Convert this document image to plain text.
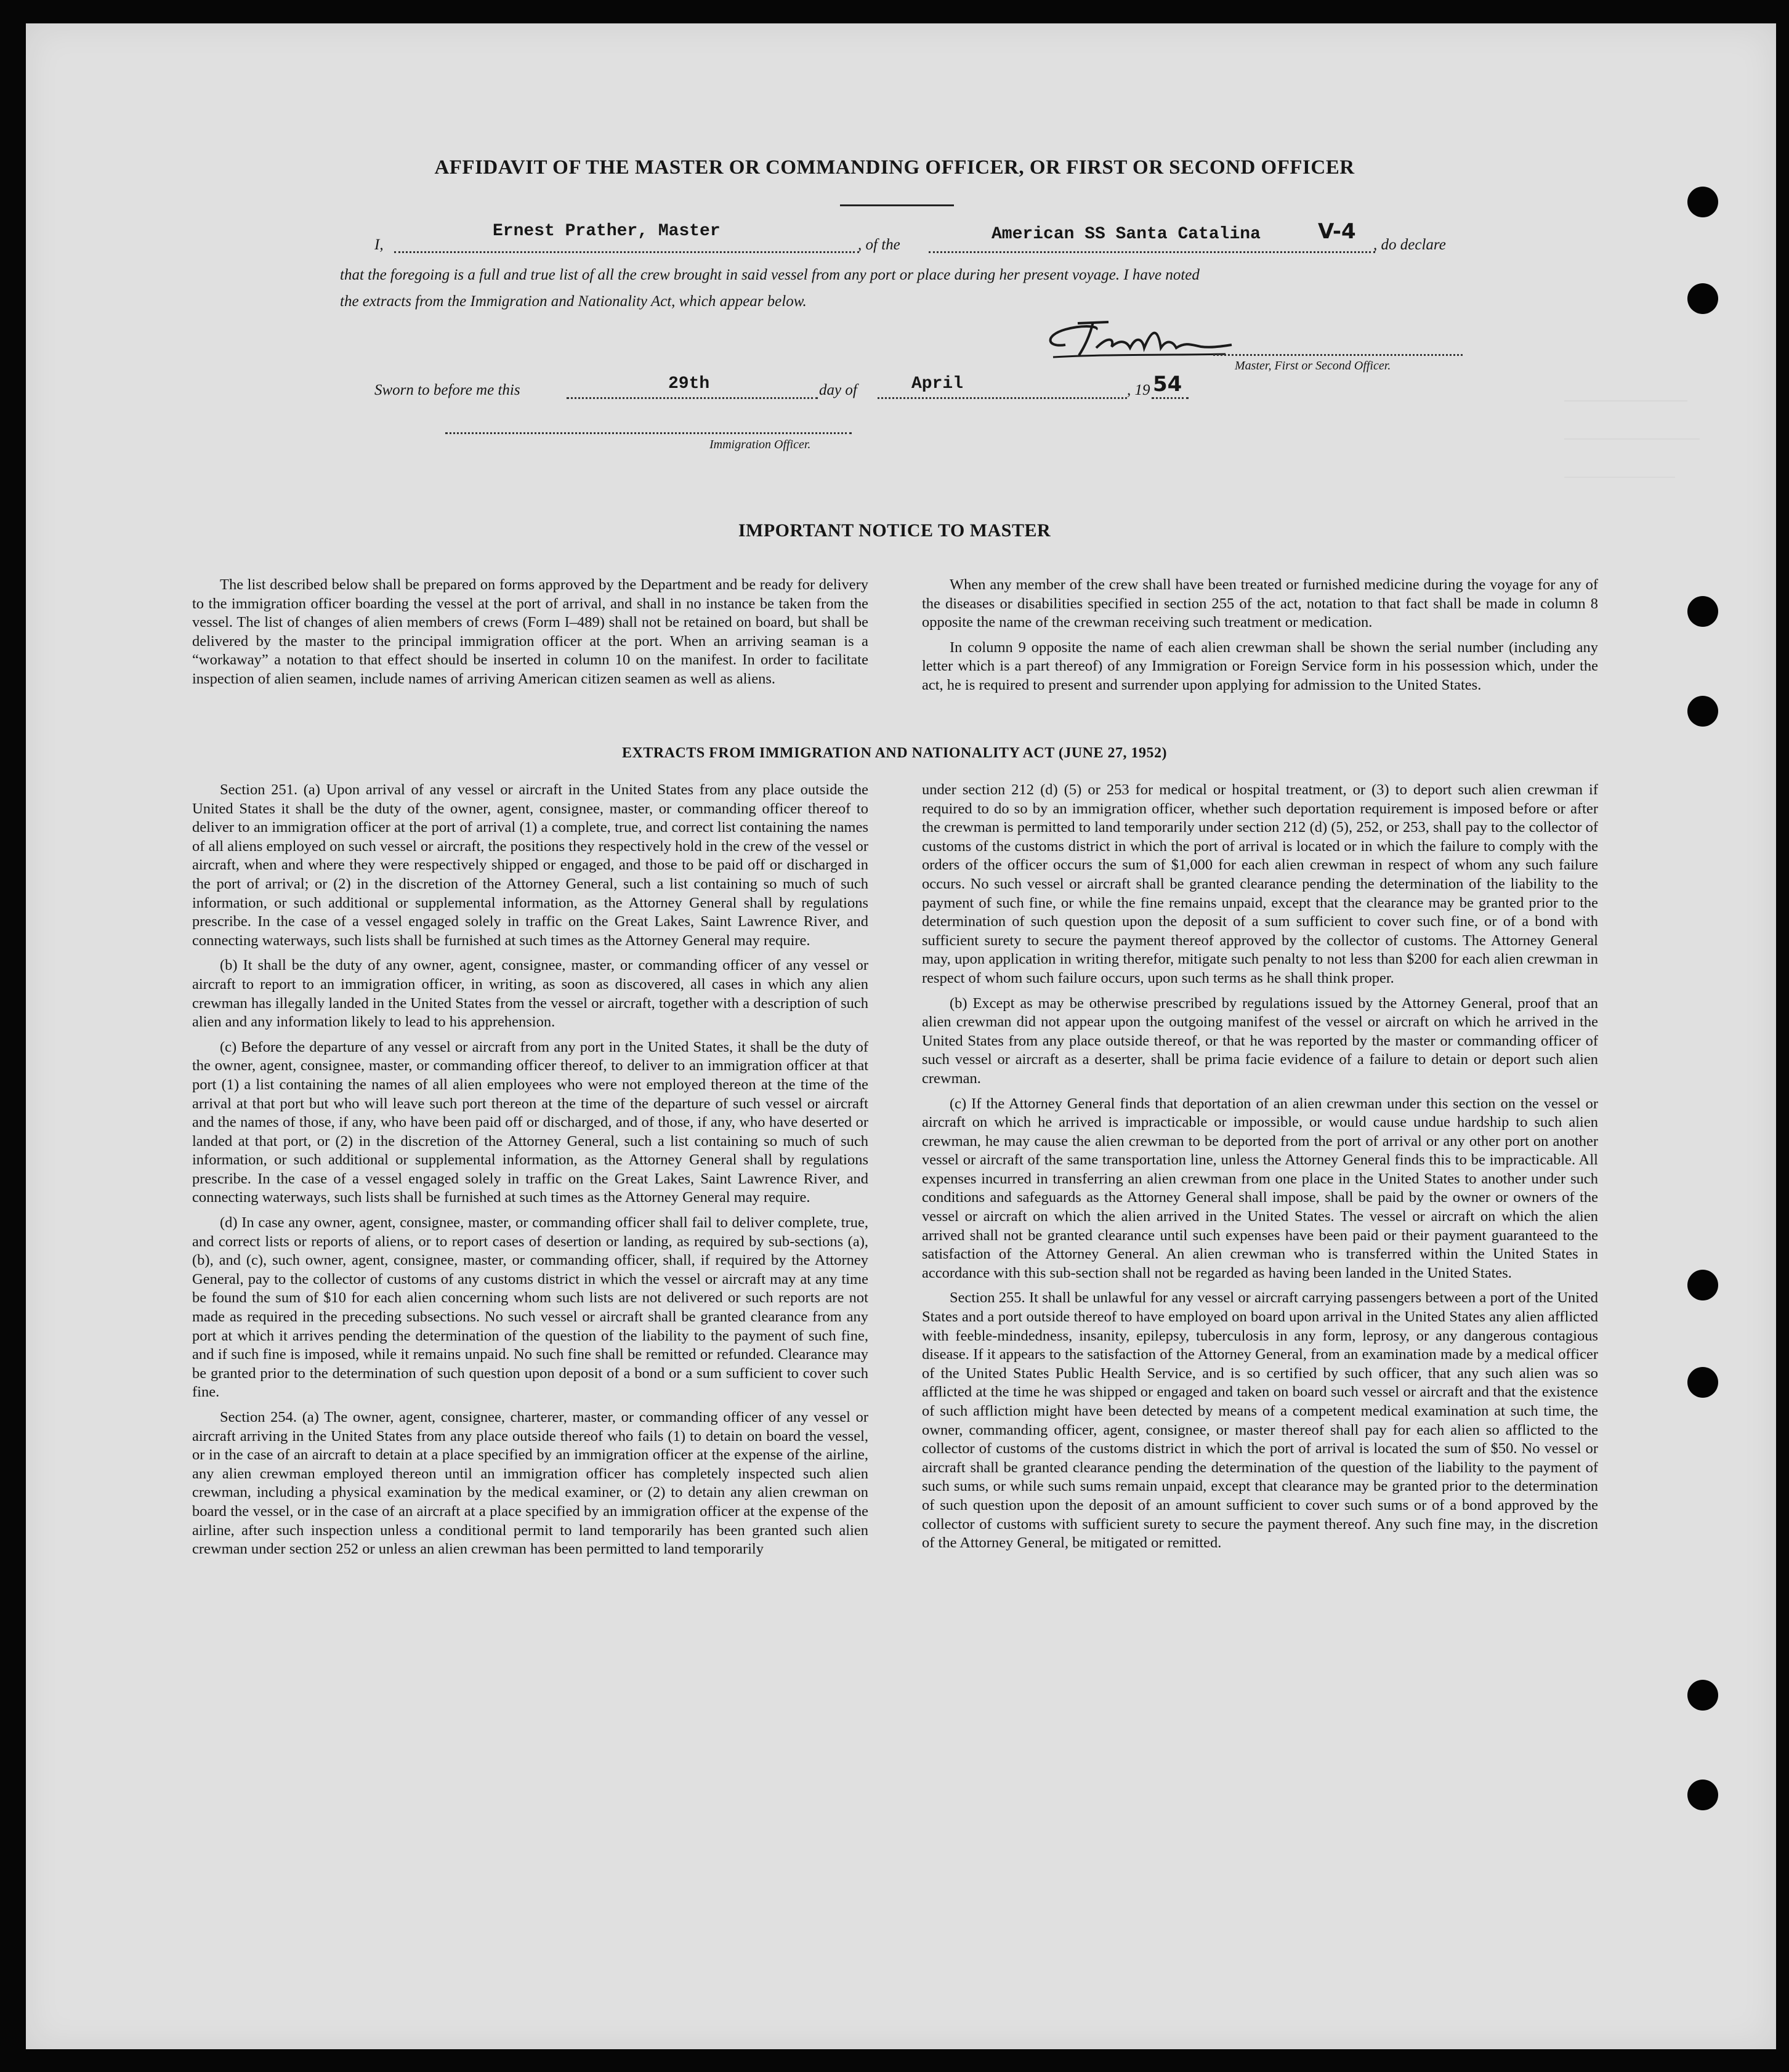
AFFIDAVIT OF THE MASTER OR COMMANDING OFFICER, OR FIRST OR SECOND OFFICER
I,
Ernest Prather, Master
, of the
American SS Santa Catalina	V-4
, do declare
that the foregoing is a full and true list of all the crew brought in said vessel from any port or place during her present voyage. I have noted
the extracts from the Immigration and Nationality Act, which appear below.
Master, First or Second Officer.
Sworn to before me this	29th	day of	April	, 19 54
Immigration Officer.
IMPORTANT NOTICE TO MASTER

The list described below shall be prepared on forms approved by the Department and be ready for delivery to the immigration officer boarding the vessel at the port of arrival, and shall in no instance be taken from the vessel. The list of changes of alien members of crews (Form I–489) shall not be retained on board, but shall be delivered by the master to the principal immigration officer at the port. When an arriving seaman is a “workaway” a notation to that effect should be inserted in column 10 on the manifest. In order to facilitate inspection of alien seamen, include names of arriving American citizen seamen as well as aliens.

When any member of the crew shall have been treated or furnished medicine during the voyage for any of the diseases or disabilities specified in section 255 of the act, notation to that fact shall be made in column 8 opposite the name of the crewman receiving such treatment or medication.

In column 9 opposite the name of each alien crewman shall be shown the serial number (including any letter which is a part thereof) of any Immigration or Foreign Service form in his possession which, under the act, he is required to present and surrender upon applying for admission to the United States.

EXTRACTS FROM IMMIGRATION AND NATIONALITY ACT (JUNE 27, 1952)

Section 251. (a) Upon arrival of any vessel or aircraft in the United States from any place outside the United States it shall be the duty of the owner, agent, consignee, master, or commanding officer thereof to deliver to an immigration officer at the port of arrival (1) a complete, true, and correct list containing the names of all aliens employed on such vessel or aircraft, the positions they respectively hold in the crew of the vessel or aircraft, when and where they were respectively shipped or engaged, and those to be paid off or discharged in the port of arrival; or (2) in the discretion of the Attorney General, such a list containing so much of such information, or such additional or supplemental information, as the Attorney General shall by regulations prescribe. In the case of a vessel engaged solely in traffic on the Great Lakes, Saint Lawrence River, and connecting waterways, such lists shall be furnished at such times as the Attorney General may require.

(b) It shall be the duty of any owner, agent, consignee, master, or commanding officer of any vessel or aircraft to report to an immigration officer, in writing, as soon as discovered, all cases in which any alien crewman has illegally landed in the United States from the vessel or aircraft, together with a description of such alien and any information likely to lead to his apprehension.

(c) Before the departure of any vessel or aircraft from any port in the United States, it shall be the duty of the owner, agent, consignee, master, or commanding officer thereof, to deliver to an immigration officer at that port (1) a list containing the names of all alien employees who were not employed thereon at the time of the arrival at that port but who will leave such port thereon at the time of the departure of such vessel or aircraft and the names of those, if any, who have been paid off or discharged, and of those, if any, who have deserted or landed at that port, or (2) in the discretion of the Attorney General, such a list containing so much of such information, or such additional or supplemental information, as the Attorney General shall by regulations prescribe. In the case of a vessel engaged solely in traffic on the Great Lakes, Saint Lawrence River, and connecting waterways, such lists shall be furnished at such times as the Attorney General may require.

(d) In case any owner, agent, consignee, master, or commanding officer shall fail to deliver complete, true, and correct lists or reports of aliens, or to report cases of desertion or landing, as required by sub-sections (a), (b), and (c), such owner, agent, consignee, master, or commanding officer, shall, if required by the Attorney General, pay to the collector of customs of any customs district in which the vessel or aircraft may at any time be found the sum of $10 for each alien concerning whom such lists are not delivered or such reports are not made as required in the preceding subsections. No such vessel or aircraft shall be granted clearance from any port at which it arrives pending the determination of the question of the liability to the payment of such fine, and if such fine is imposed, while it remains unpaid. No such fine shall be remitted or refunded. Clearance may be granted prior to the determination of such question upon deposit of a bond or a sum sufficient to cover such fine.

Section 254. (a) The owner, agent, consignee, charterer, master, or commanding officer of any vessel or aircraft arriving in the United States from any place outside thereof who fails (1) to detain on board the vessel, or in the case of an aircraft to detain at a place specified by an immigration officer at the expense of the airline, any alien crewman employed thereon until an immigration officer has completely inspected such alien crewman, including a physical examination by the medical examiner, or (2) to detain any alien crewman on board the vessel, or in the case of an aircraft at a place specified by an immigration officer at the expense of the airline, after such inspection unless a conditional permit to land temporarily has been granted such alien crewman under section 252 or unless an alien crewman has been permitted to land temporarily

under section 212 (d) (5) or 253 for medical or hospital treatment, or (3) to deport such alien crewman if required to do so by an immigration officer, whether such deportation requirement is imposed before or after the crewman is permitted to land temporarily under section 212 (d) (5), 252, or 253, shall pay to the collector of customs of the customs district in which the port of arrival is located or in which the failure to comply with the orders of the officer occurs the sum of $1,000 for each alien crewman in respect of whom any such failure occurs. No such vessel or aircraft shall be granted clearance pending the determination of the liability to the payment of such fine, or while the fine remains unpaid, except that the clearance may be granted prior to the determination of such question upon the deposit of a sum sufficient to cover such fine, or of a bond with sufficient surety to secure the payment thereof approved by the collector of customs. The Attorney General may, upon application in writing therefor, mitigate such penalty to not less than $200 for each alien crewman in respect of whom such failure occurs, upon such terms as he shall think proper.

(b) Except as may be otherwise prescribed by regulations issued by the Attorney General, proof that an alien crewman did not appear upon the outgoing manifest of the vessel or aircraft on which he arrived in the United States from any place outside thereof, or that he was reported by the master or commanding officer of such vessel or aircraft as a deserter, shall be prima facie evidence of a failure to detain or deport such alien crewman.

(c) If the Attorney General finds that deportation of an alien crewman under this section on the vessel or aircraft on which he arrived is impracticable or impossible, or would cause undue hardship to such alien crewman, he may cause the alien crewman to be deported from the port of arrival or any other port on another vessel or aircraft of the same transportation line, unless the Attorney General finds this to be impracticable. All expenses incurred in transferring an alien crewman from one place in the United States to another under such conditions and safeguards as the Attorney General shall impose, shall be paid by the owner or owners of the vessel or aircraft on which the alien arrived in the United States. The vessel or aircraft on which the alien arrived shall not be granted clearance until such expenses have been paid or their payment guaranteed to the satisfaction of the Attorney General. An alien crewman who is transferred within the United States in accordance with this sub-section shall not be regarded as having been landed in the United States.

Section 255. It shall be unlawful for any vessel or aircraft carrying passengers between a port of the United States and a port outside thereof to have employed on board upon arrival in the United States any alien afflicted with feeble-mindedness, insanity, epilepsy, tuberculosis in any form, leprosy, or any dangerous contagious disease. If it appears to the satisfaction of the Attorney General, from an examination made by a medical officer of the United States Public Health Service, and is so certified by such officer, that any such alien was so afflicted at the time he was shipped or engaged and taken on board such vessel or aircraft and that the existence of such affliction might have been detected by means of a competent medical examination at such time, the owner, commanding officer, agent, consignee, or master thereof shall pay for each alien so afflicted to the collector of customs of the customs district in which the port of arrival is located the sum of $50. No vessel or aircraft shall be granted clearance pending the determination of the question of the liability to the payment of such sums, or while such sums remain unpaid, except that clearance may be granted prior to the determination of such question upon the deposit of an amount sufficient to cover such sums or of a bond approved by the collector of customs with sufficient surety to secure the payment thereof. Any such fine may, in the discretion of the Attorney General, be mitigated or remitted.
